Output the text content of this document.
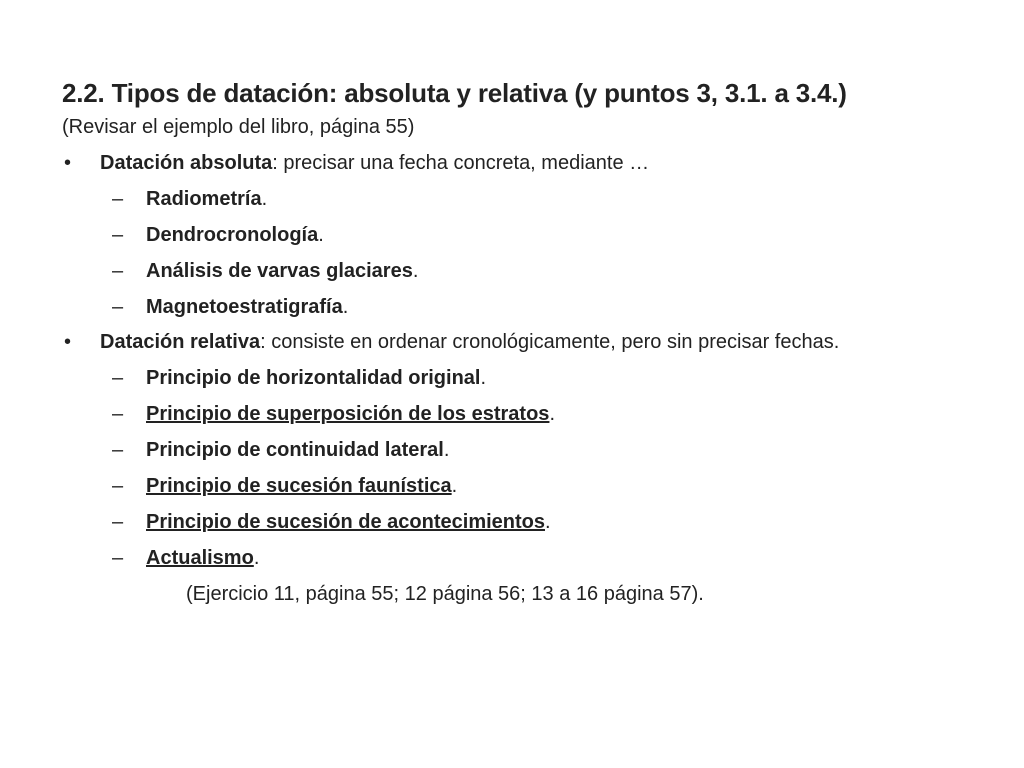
2.2. Tipos de datación: absoluta y relativa (y puntos 3, 3.1. a 3.4.)
(Revisar el ejemplo del libro, página 55)
• Datación absoluta: precisar una fecha concreta, mediante …
– Radiometría.
– Dendrocronología.
– Análisis de varvas glaciares.
– Magnetoestratigrafía.
• Datación relativa: consiste en ordenar cronológicamente, pero sin precisar fechas.
– Principio de horizontalidad original.
– Principio de superposición de los estratos.
– Principio de continuidad lateral.
– Principio de sucesión faunística.
– Principio de sucesión de acontecimientos.
– Actualismo.
(Ejercicio 11, página 55; 12 página 56; 13 a 16 página 57).
